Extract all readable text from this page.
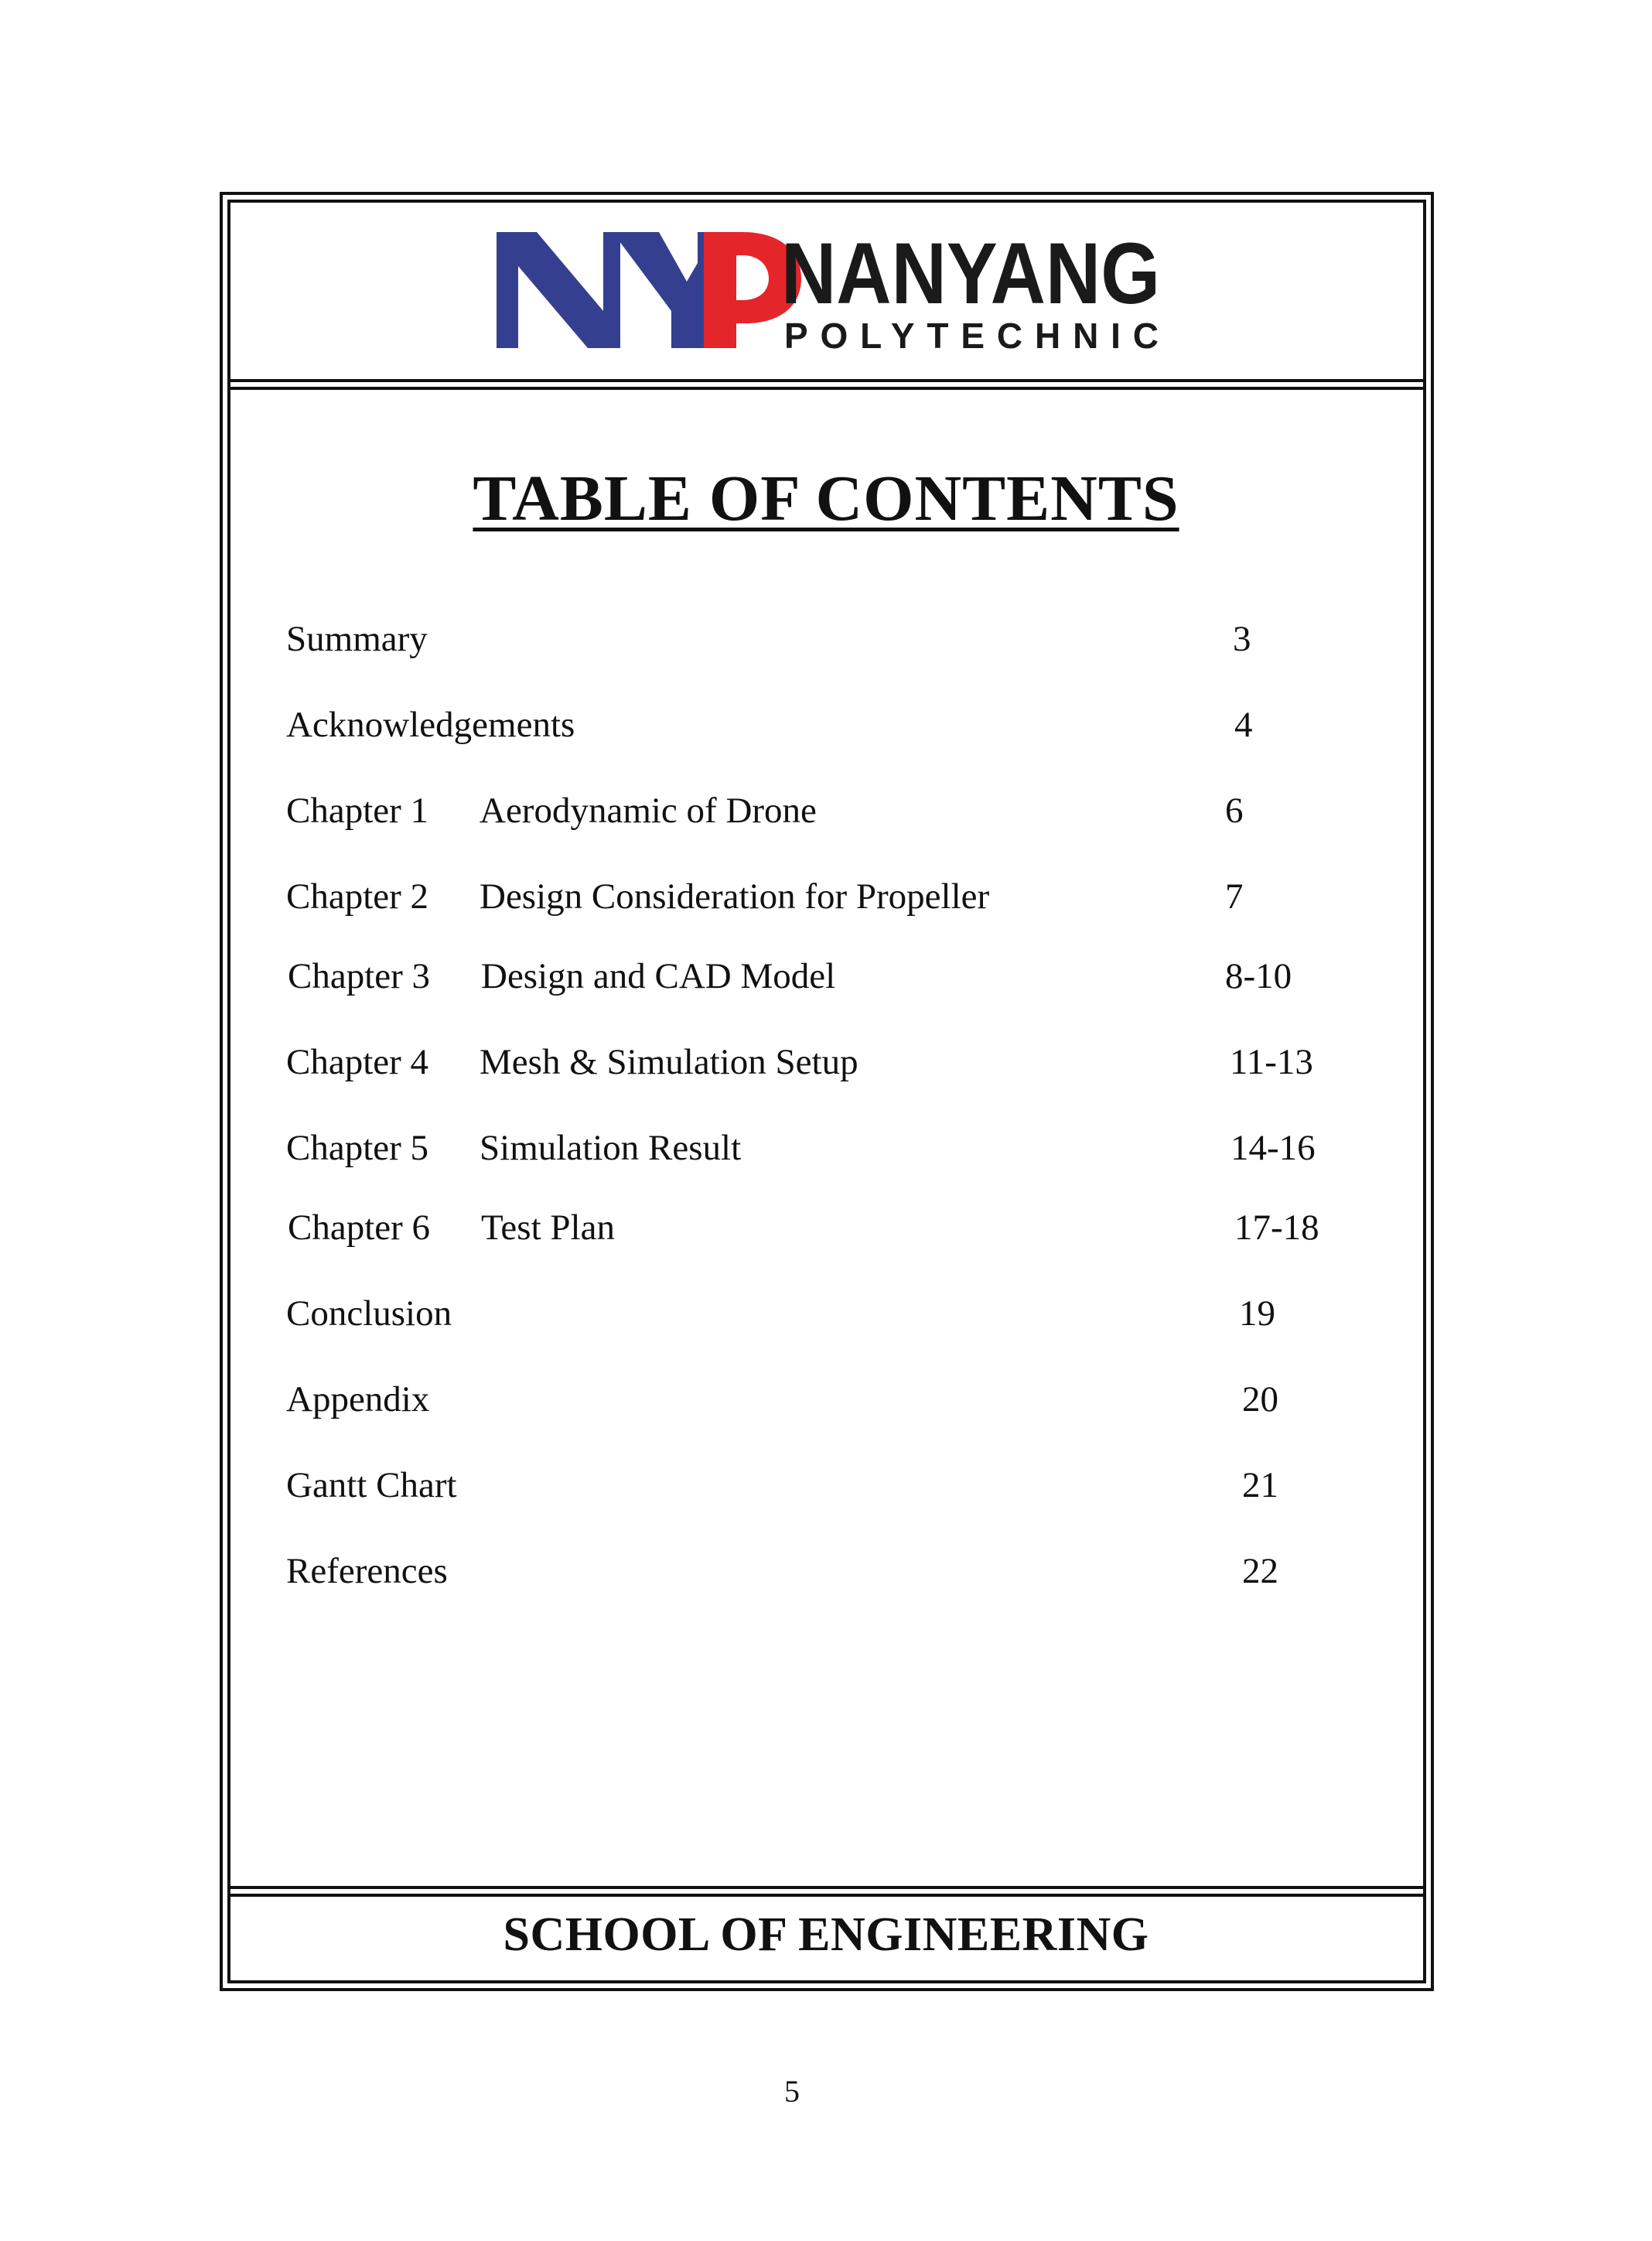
NANYANG
POLYTECHNIC
TABLE OF CONTENTS
Summary	3
Acknowledgements	4
Chapter 1 Aerodynamic of Drone	6
Chapter 2 Design Consideration for Propeller	7
Chapter 3 Design and CAD Model	8-10
Chapter 4 Mesh & Simulation Setup	11-13
Chapter 5 Simulation Result	14-16
Chapter 6 Test Plan	17-18
Conclusion	19
Appendix	20
Gantt Chart	21
References	22
SCHOOL OF ENGINEERING
5
